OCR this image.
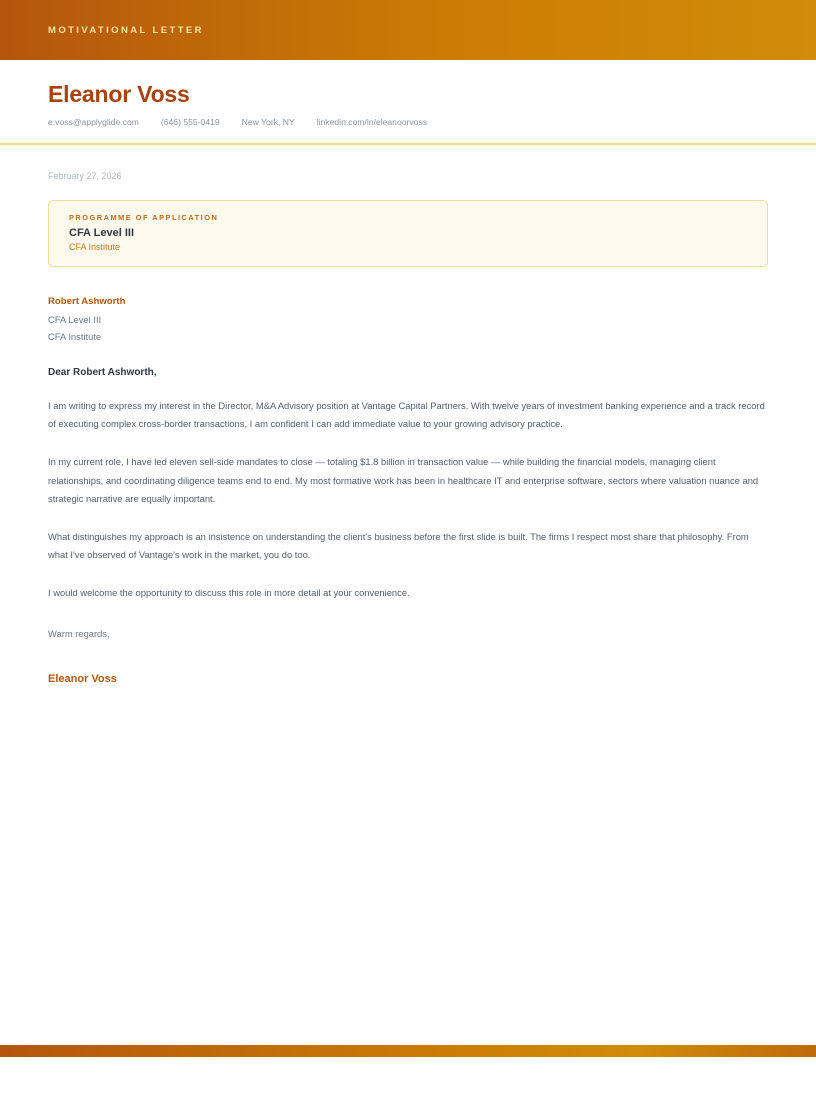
MOTIVATIONAL LETTER
Eleanor Voss
e.voss@applyglide.com	(646) 555-0419	New York, NY	linkedin.com/in/eleanoorvoss
February 27, 2026
PROGRAMME OF APPLICATION
CFA Level III
CFA Institute
Robert Ashworth
CFA Level III
CFA Institute
Dear Robert Ashworth,

I am writing to express my interest in the Director, M&A Advisory position at Vantage Capital Partners. With twelve years of investment banking experience and a track record of executing complex cross-border transactions, I am confident I can add immediate value to your growing advisory practice.

In my current role, I have led eleven sell-side mandates to close — totaling $1.8 billion in transaction value — while building the financial models, managing client relationships, and coordinating diligence teams end to end. My most formative work has been in healthcare IT and enterprise software, sectors where valuation nuance and strategic narrative are equally important.

What distinguishes my approach is an insistence on understanding the client's business before the first slide is built. The firms I respect most share that philosophy. From what I've observed of Vantage's work in the market, you do too.

I would welcome the opportunity to discuss this role in more detail at your convenience.

Warm regards,
Eleanor Voss
